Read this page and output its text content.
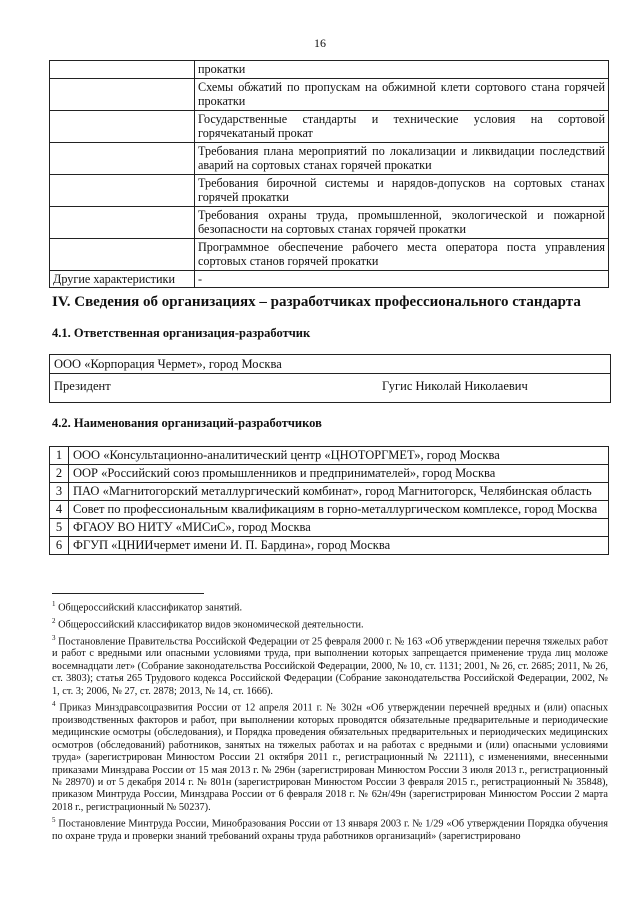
16
	прокатки
	Схемы обжатий по пропускам на обжимной клети сортового стана горячей прокатки
	Государственные стандарты и технические условия на сортовой горячекатаный прокат
	Требования плана мероприятий по локализации и ликвидации последствий аварий на сортовых станах горячей прокатки
	Требования бирочной системы и нарядов-допусков на сортовых станах горячей прокатки
	Требования охраны труда, промышленной, экологической и пожарной безопасности на сортовых станах горячей прокатки
	Программное обеспечение рабочего места оператора поста управления сортовых станов горячей прокатки
Другие характеристики	-
IV. Сведения об организациях – разработчиках профессионального стандарта
4.1. Ответственная организация-разработчик
ООО «Корпорация Чермет», город Москва
Президент	Гугис Николай Николаевич
4.2. Наименования организаций-разработчиков
1	ООО «Консультационно-аналитический центр «ЦНОТОРГМЕТ», город Москва
2	ООР «Российский союз промышленников и предпринимателей», город Москва
3	ПАО «Магнитогорский металлургический комбинат», город Магнитогорск, Челябинская область
4	Совет по профессиональным квалификациям в горно-металлургическом комплексе, город Москва
5	ФГАОУ ВО НИТУ «МИСиС», город Москва
6	ФГУП «ЦНИИчермет имени И. П. Бардина», город Москва

$^1$ Общероссийский классификатор занятий.

$^2$ Общероссийский классификатор видов экономической деятельности.

$^3$ Постановление Правительства Российской Федерации от 25 февраля 2000 г. № 163 «Об утверждении перечня тяжелых работ и работ с вредными или опасными условиями труда, при выполнении которых запрещается применение труда лиц моложе восемнадцати лет» (Собрание законодательства Российской Федерации, 2000, № 10, ст. 1131; 2001, № 26, ст. 2685; 2011, № 26, ст. 3803); статья 265 Трудового кодекса Российской Федерации (Собрание законодательства Российской Федерации, 2002, № 1, ст. 3; 2006, № 27, ст. 2878; 2013, № 14, ст. 1666).

$^4$ Приказ Минздравсоцразвития России от 12 апреля 2011 г. № 302н «Об утверждении перечней вредных и (или) опасных производственных факторов и работ, при выполнении которых проводятся обязательные предварительные и периодические медицинские осмотры (обследования), и Порядка проведения обязательных предварительных и периодических медицинских осмотров (обследований) работников, занятых на тяжелых работах и на работах с вредными и (или) опасными условиями труда» (зарегистрирован Минюстом России 21 октября 2011 г., регистрационный № 22111), с изменениями, внесенными приказами Минздрава России от 15 мая 2013 г. № 296н (зарегистрирован Минюстом России 3 июля 2013 г., регистрационный № 28970) и от 5 декабря 2014 г. № 801н (зарегистрирован Минюстом России 3 февраля 2015 г., регистрационный № 35848), приказом Минтруда России, Минздрава России от 6 февраля 2018 г. № 62н/49н (зарегистрирован Минюстом России 2 марта 2018 г., регистрационный № 50237).

$^5$ Постановление Минтруда России, Минобразования России от 13 января 2003 г. № 1/29 «Об утверждении Порядка обучения по охране труда и проверки знаний требований охраны труда работников организаций» (зарегистрировано
